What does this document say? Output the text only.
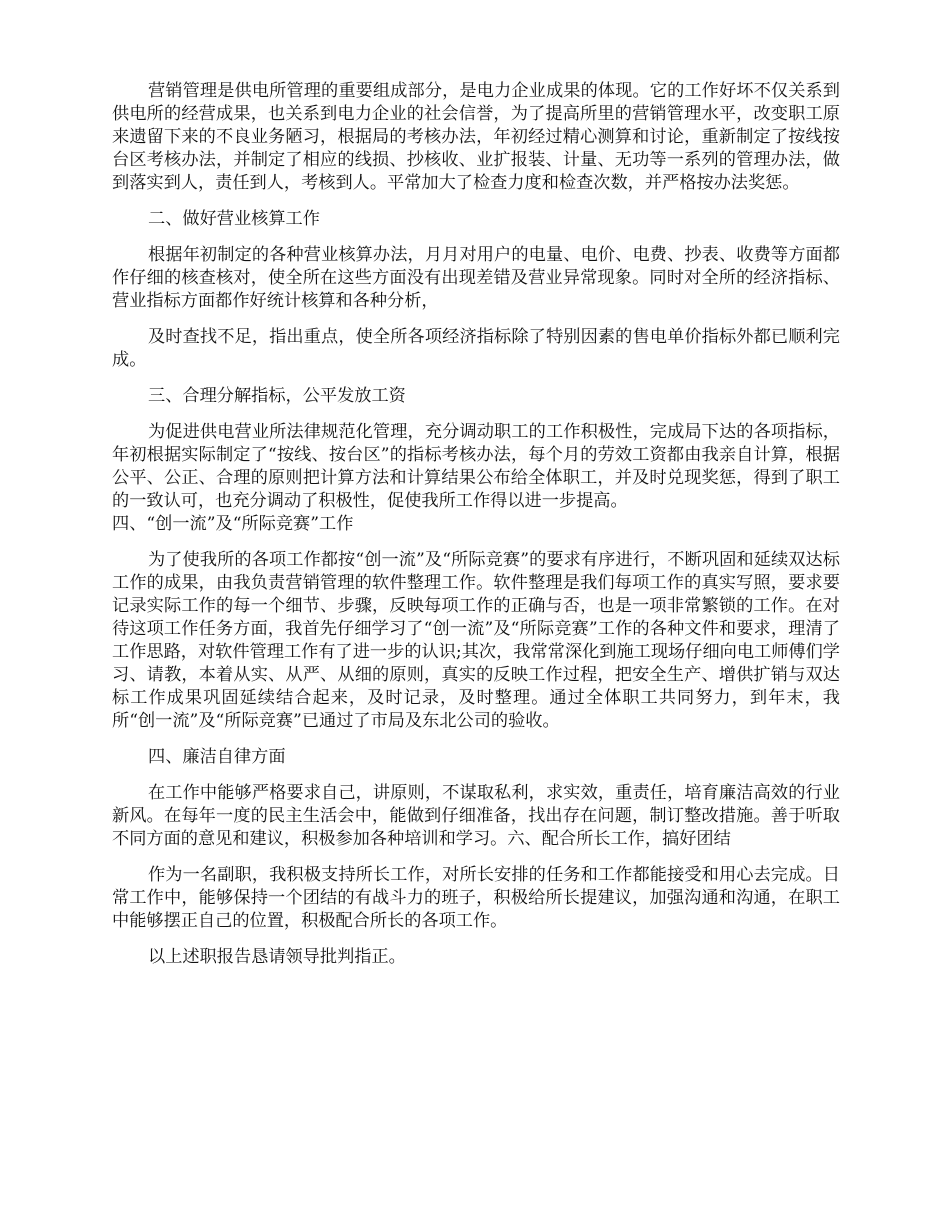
营销管理是供电所管理的重要组成部分，是电力企业成果的体现。它的工作好坏不仅关系到供电所的经营成果，也关系到电力企业的社会信誉，为了提高所里的营销管理水平，改变职工原来遗留下来的不良业务陋习，根据局的考核办法，年初经过精心测算和讨论，重新制定了按线按台区考核办法，并制定了相应的线损、抄核收、业扩报装、计量、无功等一系列的管理办法，做到落实到人，责任到人，考核到人。平常加大了检查力度和检查次数，并严格按办法奖惩。

二、做好营业核算工作

根据年初制定的各种营业核算办法，月月对用户的电量、电价、电费、抄表、收费等方面都作仔细的核查核对，使全所在这些方面没有出现差错及营业异常现象。同时对全所的经济指标、营业指标方面都作好统计核算和各种分析，

及时查找不足，指出重点，使全所各项经济指标除了特别因素的售电单价指标外都已顺利完成。

三、合理分解指标，公平发放工资

为促进供电营业所法律规范化管理，充分调动职工的工作积极性，完成局下达的各项指标，年初根据实际制定了“按线、按台区”的指标考核办法，每个月的劳效工资都由我亲自计算，根据公平、公正、合理的原则把计算方法和计算结果公布给全体职工，并及时兑现奖惩，得到了职工的一致认可，也充分调动了积极性，促使我所工作得以进一步提高。

四、“创一流”及“所际竞赛”工作

为了使我所的各项工作都按“创一流”及“所际竞赛”的要求有序进行，不断巩固和延续双达标工作的成果，由我负责营销管理的软件整理工作。软件整理是我们每项工作的真实写照，要求要记录实际工作的每一个细节、步骤，反映每项工作的正确与否，也是一项非常繁锁的工作。在对待这项工作任务方面，我首先仔细学习了“创一流”及“所际竞赛”工作的各种文件和要求，理清了工作思路，对软件管理工作有了进一步的认识;其次，我常常深化到施工现场仔细向电工师傅们学习、请教，本着从实、从严、从细的原则，真实的反映工作过程，把安全生产、增供扩销与双达标工作成果巩固延续结合起来，及时记录，及时整理。通过全体职工共同努力，到年末，我所“创一流”及“所际竞赛”已通过了市局及东北公司的验收。

四、廉洁自律方面

在工作中能够严格要求自己，讲原则，不谋取私利，求实效，重责任，培育廉洁高效的行业新风。在每年一度的民主生活会中，能做到仔细准备，找出存在问题，制订整改措施。善于听取不同方面的意见和建议，积极参加各种培训和学习。六、配合所长工作，搞好团结

作为一名副职，我积极支持所长工作，对所长安排的任务和工作都能接受和用心去完成。日常工作中，能够保持一个团结的有战斗力的班子，积极给所长提建议，加强沟通和沟通，在职工中能够摆正自己的位置，积极配合所长的各项工作。

以上述职报告恳请领导批判指正。
